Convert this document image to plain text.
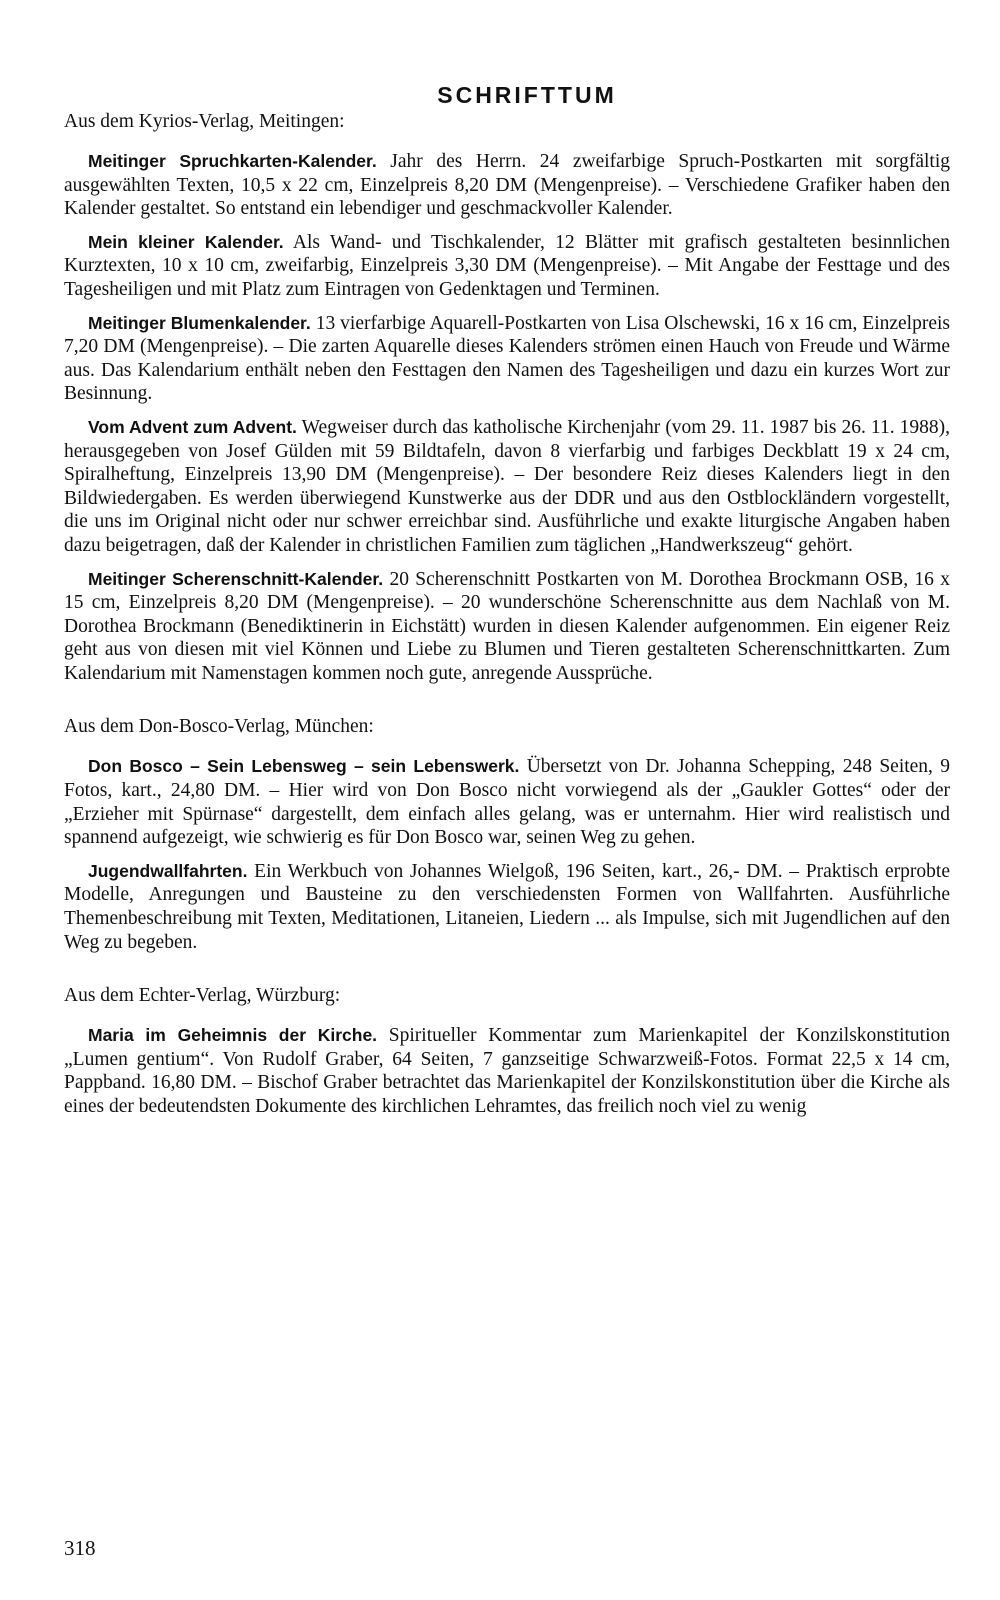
SCHRIFTTUM
Aus dem Kyrios-Verlag, Meitingen:

Meitinger Spruchkarten-Kalender. Jahr des Herrn. 24 zweifarbige Spruch-Postkarten mit sorgfältig ausgewählten Texten, 10,5 x 22 cm, Einzelpreis 8,20 DM (Mengenpreise). – Verschiedene Grafiker haben den Kalender gestaltet. So entstand ein lebendiger und geschmackvoller Kalender.

Mein kleiner Kalender. Als Wand- und Tischkalender, 12 Blätter mit grafisch gestalteten besinnlichen Kurztexten, 10 x 10 cm, zweifarbig, Einzelpreis 3,30 DM (Mengenpreise). – Mit Angabe der Festtage und des Tagesheiligen und mit Platz zum Eintragen von Gedenktagen und Terminen.

Meitinger Blumenkalender. 13 vierfarbige Aquarell-Postkarten von Lisa Olschewski, 16 x 16 cm, Einzelpreis 7,20 DM (Mengenpreise). – Die zarten Aquarelle dieses Kalenders strömen einen Hauch von Freude und Wärme aus. Das Kalendarium enthält neben den Festtagen den Namen des Tagesheiligen und dazu ein kurzes Wort zur Besinnung.

Vom Advent zum Advent. Wegweiser durch das katholische Kirchenjahr (vom 29. 11. 1987 bis 26. 11. 1988), herausgegeben von Josef Gülden mit 59 Bildtafeln, davon 8 vierfarbig und farbiges Deckblatt 19 x 24 cm, Spiralheftung, Einzelpreis 13,90 DM (Mengenpreise). – Der besondere Reiz dieses Kalenders liegt in den Bildwiedergaben. Es werden überwiegend Kunstwerke aus der DDR und aus den Ostblockländern vorgestellt, die uns im Original nicht oder nur schwer erreichbar sind. Ausführliche und exakte liturgische Angaben haben dazu beigetragen, daß der Kalender in christlichen Familien zum täglichen „Handwerkszeug“ gehört.

Meitinger Scherenschnitt-Kalender. 20 Scherenschnitt Postkarten von M. Dorothea Brockmann OSB, 16 x 15 cm, Einzelpreis 8,20 DM (Mengenpreise). – 20 wunderschöne Scherenschnitte aus dem Nachlaß von M. Dorothea Brockmann (Benediktinerin in Eichstätt) wurden in diesen Kalender aufgenommen. Ein eigener Reiz geht aus von diesen mit viel Können und Liebe zu Blumen und Tieren gestalteten Scherenschnittkarten. Zum Kalendarium mit Namenstagen kommen noch gute, anregende Aussprüche.

Aus dem Don-Bosco-Verlag, München:

Don Bosco – Sein Lebensweg – sein Lebenswerk. Übersetzt von Dr. Johanna Schepping, 248 Seiten, 9 Fotos, kart., 24,80 DM. – Hier wird von Don Bosco nicht vorwiegend als der „Gaukler Gottes“ oder der „Erzieher mit Spürnase“ dargestellt, dem einfach alles gelang, was er unternahm. Hier wird realistisch und spannend aufgezeigt, wie schwierig es für Don Bosco war, seinen Weg zu gehen.

Jugendwallfahrten. Ein Werkbuch von Johannes Wielgoß, 196 Seiten, kart., 26,- DM. – Praktisch erprobte Modelle, Anregungen und Bausteine zu den verschiedensten Formen von Wallfahrten. Ausführliche Themenbeschreibung mit Texten, Meditationen, Litaneien, Liedern ... als Impulse, sich mit Jugendlichen auf den Weg zu begeben.

Aus dem Echter-Verlag, Würzburg:

Maria im Geheimnis der Kirche. Spiritueller Kommentar zum Marienkapitel der Konzilskonstitution „Lumen gentium“. Von Rudolf Graber, 64 Seiten, 7 ganzseitige Schwarzweiß-Fotos. Format 22,5 x 14 cm, Pappband. 16,80 DM. – Bischof Graber betrachtet das Marienkapitel der Konzilskonstitution über die Kirche als eines der bedeutendsten Dokumente des kirchlichen Lehramtes, das freilich noch viel zu wenig

318
